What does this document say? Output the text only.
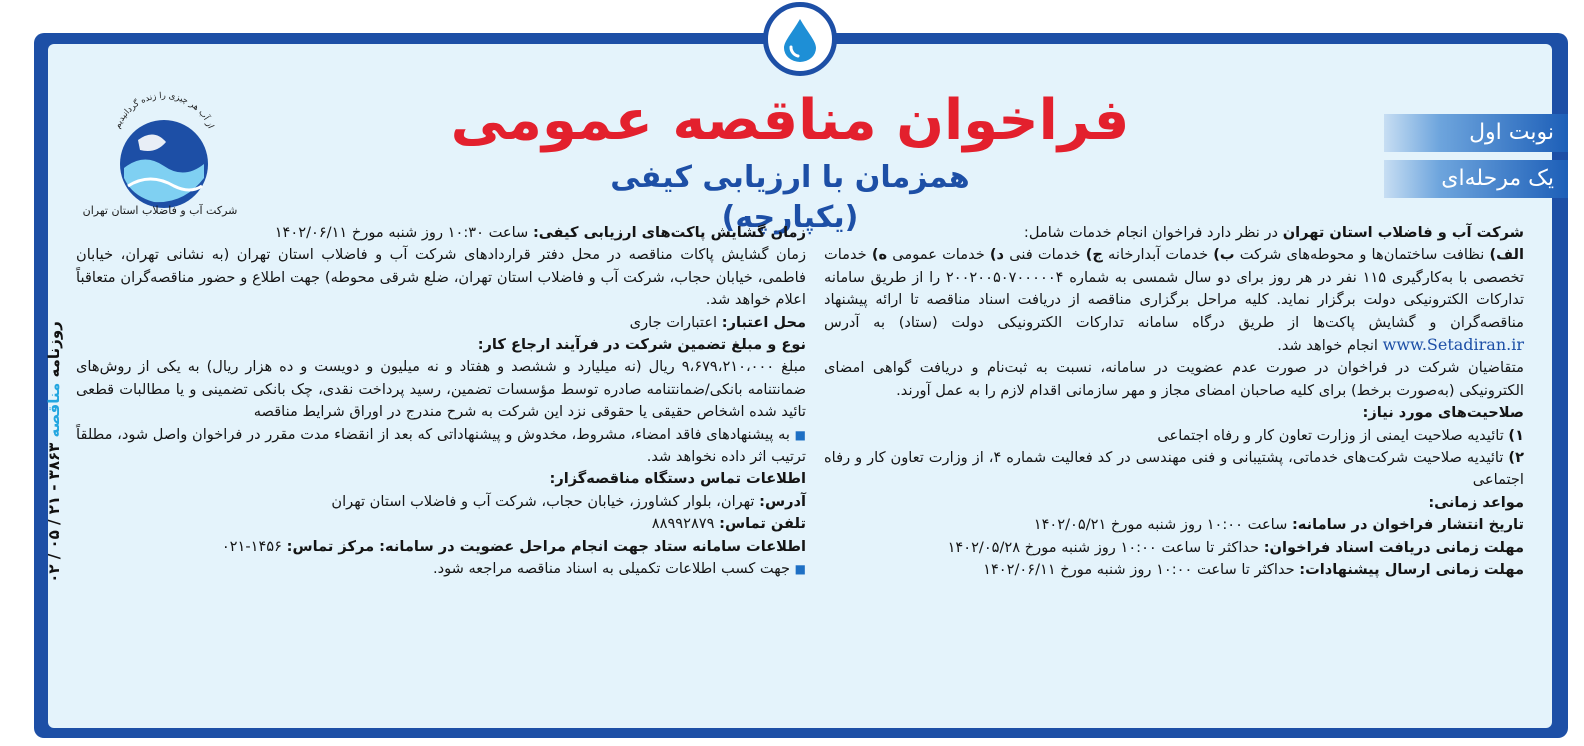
فراخوان مناقصه عمومی
همزمان با ارزیابی کیفی (یکپارچه)
نوبت اول
یک مرحله‌ای
از آب هر چیزی را زنده گردانیدیم
شرکت آب و فاضلاب استان تهران
روزنامه مناقصه ۳۸۶۳ - ۲۱ / ۰۵ / ۰۲

شرکت آب و فاضلاب استان تهران در نظر دارد فراخوان انجام خدمات شامل:

الف) نظافت ساختمان‌ها و محوطه‌های شرکت ب) خدمات آبدارخانه ج) خدمات فنی د) خدمات عمومی ه) خدمات تخصصی با به‌کارگیری ۱۱۵ نفر در هر روز برای دو سال شمسی به شماره ۲۰۰۲۰۰۵۰۷۰۰۰۰۰۴ را از طریق سامانه تدارکات الکترونیکی دولت برگزار نماید. کلیه مراحل برگزاری مناقصه از دریافت اسناد مناقصه تا ارائه پیشنهاد مناقصه‌گران و گشایش پاکت‌ها از طریق درگاه سامانه تدارکات الکترونیکی دولت (ستاد) به آدرس www.Setadiran.ir انجام خواهد شد.

متقاضیان شرکت در فراخوان در صورت عدم عضویت در سامانه، نسبت به ثبت‌نام و دریافت گواهی امضای الکترونیکی (به‌صورت برخط) برای کلیه صاحبان امضای مجاز و مهر سازمانی اقدام لازم را به عمل آورند.

صلاحیت‌های مورد نیاز:

۱) تائیدیه صلاحیت ایمنی از وزارت تعاون کار و رفاه اجتماعی

۲) تائیدیه صلاحیت شرکت‌های خدماتی، پشتیبانی و فنی مهندسی در کد فعالیت شماره ۴، از وزارت تعاون کار و رفاه اجتماعی

مواعد زمانی:

تاریخ انتشار فراخوان در سامانه: ساعت ۱۰:۰۰ روز شنبه مورخ ۱۴۰۲/۰۵/۲۱

مهلت زمانی دریافت اسناد فراخوان: حداکثر تا ساعت ۱۰:۰۰ روز شنبه مورخ ۱۴۰۲/۰۵/۲۸

مهلت زمانی ارسال پیشنهادات: حداکثر تا ساعت ۱۰:۰۰ روز شنبه مورخ ۱۴۰۲/۰۶/۱۱

زمان گشایش پاکت‌های ارزیابی کیفی: ساعت ۱۰:۳۰ روز شنبه مورخ ۱۴۰۲/۰۶/۱۱

زمان گشایش پاکات مناقصه در محل دفتر قراردادهای شرکت آب و فاضلاب استان تهران (به نشانی تهران، خیابان فاطمی، خیابان حجاب، شرکت آب و فاضلاب استان تهران، ضلع شرقی محوطه) جهت اطلاع و حضور مناقصه‌گران متعاقباً اعلام خواهد شد.

محل اعتبار: اعتبارات جاری

نوع و مبلغ تضمین شرکت در فرآیند ارجاع کار:

مبلغ ۹،۶۷۹،۲۱۰،۰۰۰ ریال (نه میلیارد و ششصد و هفتاد و نه میلیون و دویست و ده هزار ریال) به یکی از روش‌های ضمانتنامه بانکی/ضمانتنامه صادره توسط مؤسسات تضمین، رسید پرداخت نقدی، چک بانکی تضمینی و یا مطالبات قطعی تائید شده اشخاص حقیقی یا حقوقی نزد این شرکت به شرح مندرج در اوراق شرایط مناقصه

■ به پیشنهادهای فاقد امضاء، مشروط، مخدوش و پیشنهاداتی که بعد از انقضاء مدت مقرر در فراخوان واصل شود، مطلقاً ترتیب اثر داده نخواهد شد.

اطلاعات تماس دستگاه مناقصه‌گزار:

آدرس: تهران، بلوار کشاورز، خیابان حجاب، شرکت آب و فاضلاب استان تهران

تلفن تماس: ۸۸۹۹۲۸۷۹

اطلاعات سامانه ستاد جهت انجام مراحل عضویت در سامانه: مرکز تماس: ۱۴۵۶-۰۲۱

■ جهت کسب اطلاعات تکمیلی به اسناد مناقصه مراجعه شود.
